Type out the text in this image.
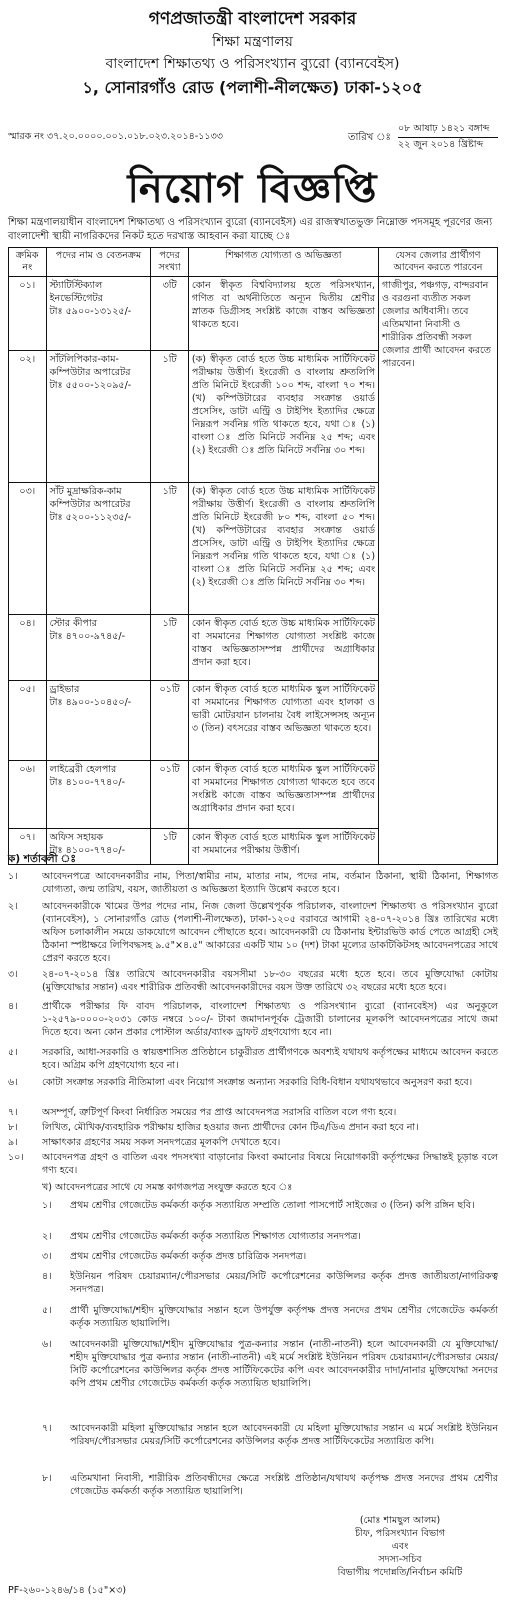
গণপ্রজাতন্ত্রী বাংলাদেশ সরকার
শিক্ষা মন্ত্রণালয়
বাংলাদেশ শিক্ষাতথ্য ও পরিসংখ্যান ব্যুরো (ব্যানবেইস)
১, সোনারগাঁও রোড (পলাশী-নীলক্ষেত) ঢাকা-১২০৫
স্মারক নং ৩৭.২০.০০০০.০০১.০১৮.০২৩.২০১৪-১১৩৩	তারিখ ঃ
০৮ আষাঢ় ১৪২১ বঙ্গাব্দ
২২ জুন ২০১৪ খ্রিষ্টাব্দ
নিয়োগ বিজ্ঞপ্তি
শিক্ষা মন্ত্রণালয়াধীন বাংলাদেশ শিক্ষাতথ্য ও পরিসংখ্যান ব্যুরো (ব্যানবেইস) এর রাজস্বখাতভুক্ত নিম্নোক্ত পদসমূহ পূরণের জন্য বাংলাদেশী স্থায়ী নাগরিকদের নিকট হতে দরখাস্ত আহবান করা যাচ্ছে ঃ
ক্রমিক নং	পদের নাম ও বেতনক্রম	পদের সংখ্যা	শিক্ষাগত যোগ্যতা ও অভিজ্ঞতা	যেসব জেলার প্রার্থীগণ আবেদন করতে পারবেন
০১।	স্ট্যাটিস্টিক্যাল ইনভেস্টিগেটর
টাঃ ৫৯০০-১৩১২৫/-	৩টি	কোন স্বীকৃত বিশ্ববিদ্যালয় হতে পরিসংখ্যান, গণিত বা অর্থনীতিতে অন্যূন দ্বিতীয় শ্রেণীর স্নাতক ডিগ্রীসহ সংশ্লিষ্ট কাজে বাস্তব অভিজ্ঞতা থাকতে হবে।	গাজীপুর, পঞ্চগড়, বান্দরবান ও বরগুনা ব্যতীত সকল জেলার অধিবাসী। তবে এতিমখানা নিবাসী ও শারীরিক প্রতিবন্ধী সকল জেলার প্রার্থী আবেদন করতে পারবেন।
০২।	সাঁটলিপিকার-কাম-কম্পিউটার অপারেটর
টাঃ ৫৫০০-১২০৯৫/-	১টি	(ক) স্বীকৃত বোর্ড হতে উচ্চ মাধ্যমিক সার্টিফিকেট পরীক্ষায় উত্তীর্ণ। ইংরেজী ও বাংলায় শ্রুতলিপি প্রতি মিনিটে ইংরেজী ১০০ শব্দ, বাংলা ৭০ শব্দ। (খ) কম্পিউটারের ব্যবহার সংক্রান্ত ওয়ার্ড প্রসেসিং, ডাটা এন্ট্রি ও টাইপিং ইত্যাদির ক্ষেত্রে নিম্নরূপ সর্বনিম্ন গতি থাকতে হবে, যথা ঃ (১) বাংলা ঃ প্রতি মিনিটে সর্বনিম্ন ২৫ শব্দ; এবং (২) ইংরেজী ঃ প্রতি মিনিটে সর্বনিম্ন ৩০ শব্দ।	
০৩।	সাঁট মুদ্রাক্ষরিক-কাম কম্পিউটার অপারেটর
টাঃ ৫২০০-১১২৩৫/-	১টি	(ক) স্বীকৃত বোর্ড হতে উচ্চ মাধ্যমিক সার্টিফিকেট পরীক্ষায় উত্তীর্ণ। ইংরেজী ও বাংলায় শ্রুতলিপি প্রতি মিনিটে ইংরেজী ৮০ শব্দ, বাংলা ৫০ শব্দ। (খ) কম্পিউটারের ব্যবহার সংক্রান্ত ওয়ার্ড প্রসেসিং, ডাটা এন্ট্রি ও টাইপিং ইত্যাদির ক্ষেত্রে নিম্নরূপ সর্বনিম্ন গতি থাকতে হবে, যথা ঃ (১) বাংলা ঃ প্রতি মিনিটে সর্বনিম্ন ২৫ শব্দ; এবং (২) ইংরেজী ঃ প্রতি মিনিটে সর্বনিম্ন ৩০ শব্দ।	
০৪।	স্টোর কীপার
টাঃ ৪৭০০-৯৭৪৫/-	১টি	কোন স্বীকৃত বোর্ড হতে উচ্চ মাধ্যমিক সার্টিফিকেট বা সমমানের শিক্ষাগত যোগ্যতা সংশ্লিষ্ট কাজে বাস্তব অভিজ্ঞতাসম্পন্ন প্রার্থীদের অগ্রাধিকার প্রদান করা হবে।	
০৫।	ড্রাইভার
টাঃ ৪৯০০-১০৪৫০/-	০১টি	কোন স্বীকৃত বোর্ড হতে মাধ্যমিক স্কুল সার্টিফিকেট বা সমমানের শিক্ষাগত যোগ্যতা এবং হালকা ও ভারী মোটরযান চালনায় বৈধ লাইসেন্সসহ অন্যূন ৩ (তিন) বৎসরের বাস্তব অভিজ্ঞতা থাকতে হবে।	
০৬।	লাইব্রেরী হেলপার
টাঃ ৪১০০-৭৭৪০/-	০১টি	কোন স্বীকৃত বোর্ড হতে মাধ্যমিক স্কুল সার্টিফিকেট বা সমমানের শিক্ষাগত যোগ্যতা থাকতে হবে তবে সংশ্লিষ্ট কাজে বাস্তব অভিজ্ঞতাসম্পন্ন প্রার্থীদের অগ্রাধিকার প্রদান করা হবে।	
০৭।	অফিস সহায়ক
টাঃ ৪১০০-৭৭৪০/-	১টি	কোন স্বীকৃত বোর্ড হতে মাধ্যমিক স্কুল সার্টিফিকেট বা সমমানের পরীক্ষায় উত্তীর্ণ।	
ক) শর্তাবলী ঃ
১।	আবেদনপত্রে আবেদনকারীর নাম, পিতা/স্বামীর নাম, মাতার নাম, পদের নাম, বর্তমান ঠিকানা, স্থায়ী ঠিকানা, শিক্ষাগত যোগ্যতা, জন্ম তারিখ, বয়স, জাতীয়তা ও অভিজ্ঞতা ইত্যাদি উল্লেখ করতে হবে।
২।	আবেদনকারীকে খামের উপর পদের নাম, নিজ জেলা উল্লেখপূর্বক পরিচালক, বাংলাদেশ শিক্ষাতথ্য ও পরিসংখ্যান ব্যুরো (ব্যানবেইস), ১ সোনারগাঁও রোড (পলাশী-নীলক্ষেত), ঢাকা-১২০৫ বরাবরে আগামী ২৪-০৭-২০১৪ খ্রিঃ তারিখের মধ্যে অফিস চলাকালীন সময়ে ডাকযোগে আবেদন পৌছাতে হবে। আবেদনকারী যে ঠিকানায় ইন্টারভিউ কার্ড পেতে আগ্রহী সেই ঠিকানা স্পষ্টাক্ষরে লিপিবদ্ধসহ ৯.৫"×৪.৫" আকারের একটি খাম ১০ (দশ) টাকা মূল্যের ডাকটিকিটসহ আবেদনপত্রের সাথে প্রেরণ করতে হবে।
৩।	২৪-০৭-২০১৪ খ্রিঃ তারিখে আবেদনকারীর বয়সসীমা ১৮-৩০ বছরের মধ্যে হতে হবে। তবে মুক্তিযোদ্ধা কোটায় (মুক্তিযোদ্ধার সন্তান) এবং শারীরিক প্রতিবন্ধী আবেদনকারীদের বয়স উক্ত তারিখে ৩২ বছরের মধ্যে হতে হবে।
৪।	প্রার্থীকে পরীক্ষার ফি বাবদ পরিচালক, বাংলাদেশ শিক্ষাতথ্য ও পরিসংখ্যান ব্যুরো (ব্যানবেইস) এর অনুকূলে ১-২৫৭৯-০০০০-২০৩১ কোড নম্বরে ১০০/- টাকা জমাদানপূর্বক ট্রেজারী চালানের মূলকপি আবেদনপত্রের সাথে জমা দিতে হবে। অন্য কোন প্রকার পোস্টাল অর্ডার/ব্যাংক ড্রাফট গ্রহণযোগ্য হবে না।
৫।	সরকারি, আধা-সরকারি ও স্বায়ত্তশাসিত প্রতিষ্ঠানে চাকুরীরত প্রার্থীগণকে অবশ্যই যথাযথ কর্তৃপক্ষের মাধ্যমে আবেদন করতে হবে। অগ্রিম কপি গ্রহণযোগ্য হবে না।
৬।	কোটা সংক্রান্ত সরকারি নীতিমালা এবং নিয়োগ সংক্রান্ত অন্যান্য সরকারি বিধি-বিধান যথাযথভাবে অনুসরণ করা হবে।
৭।	অসম্পূর্ণ, ত্রুটিপূর্ণ কিংবা নির্ধারিত সময়ের পর প্রাপ্ত আবেদনপত্র সরাসরি বাতিল বলে গণ্য হবে।
৮।	লিখিত, মৌখিক/ব্যবহারিক পরীক্ষায় হাজির হওয়ার জন্য প্রার্থীদের কোন টিএ/ডিএ প্রদান করা হবে না।
৯।	সাক্ষাৎকার গ্রহণের সময় সকল সনদপত্রের মূলকপি দেখাতে হবে।
১০।	আবেদনপত্র গ্রহণ ও বাতিল এবং পদসংখ্যা বাড়ানোর কিংবা কমানোর বিষয়ে নিয়োগকারী কর্তৃপক্ষের সিদ্ধান্তই চূড়ান্ত বলে গণ্য হবে।
খ) আবেদনপত্রের সাথে যে সমস্ত কাগজপত্র সংযুক্ত করতে হবে ঃ
১।	প্রথম শ্রেণীর গেজেটেড কর্মকর্তা কর্তৃক সত্যায়িত সম্প্রতি তোলা পাসপোর্ট সাইজের ৩ (তিন) কপি রঙ্গিন ছবি।
২।	প্রথম শ্রেণীর গেজেটেড কর্মকর্তা কর্তৃক সত্যায়িত শিক্ষাগত যোগ্যতার সনদপত্র।
৩।	প্রথম শ্রেণীর গেজেটেড কর্মকর্তা কর্তৃক প্রদত্ত চারিত্রিক সনদপত্র।
৪।	ইউনিয়ন পরিষদ চেয়ারম্যান/পৌরসভার মেয়র/সিটি কর্পোরেশনের কাউন্সিলর কর্তৃক প্রদত্ত জাতীয়তা/নাগরিকত্ব সনদপত্র।
৫।	প্রার্থী মুক্তিযোদ্ধা/শহীদ মুক্তিযোদ্ধার সন্তান হলে উপর্যুক্ত কর্তৃপক্ষ প্রদত্ত সনদের প্রথম শ্রেণীর গেজেটেড কর্মকর্তা কর্তৃক সত্যায়িত ছায়ালিপি।
৬।	আবেদনকারী মুক্তিযোদ্ধা/শহীদ মুক্তিযোদ্ধার পুত্র-কন্যার সন্তান (নাতী-নাতনী) হলে আবেদনকারী যে মুক্তিযোদ্ধা/শহীদ মুক্তিযোদ্ধার পুত্র কন্যার সন্তান (নাতী-নাতনী) এই মর্মে সংশ্লিষ্ট ইউনিয়ন পরিষদ চেয়ারম্যান/পৌরসভার মেয়র/সিটি কর্পোরেশনের কাউন্সিলর কর্তৃক প্রদত্ত সার্টিফিকেটের কপি এবং আবেদনকারীর দাদা/নানার মুক্তিযোদ্ধা সনদের কপি প্রথম শ্রেণীর গেজেটেড কর্মকর্তা কর্তৃক সত্যায়িত ছায়ালিপি।
৭।	আবেদনকারী মহিলা মুক্তিযোদ্ধার সন্তান হলে আবেদনকারী যে মহিলা মুক্তিযোদ্ধার সন্তান এ মর্মে সংশ্লিষ্ট ইউনিয়ন পরিষদ/পৌরসভার মেয়র/সিটি কর্পোরেশনের কাউন্সিলর কর্তৃক প্রদত্ত সার্টিফিকেটের সত্যায়িত কপি।
৮।	এতিমখানা নিবাসী, শারীরিক প্রতিবন্ধীদের ক্ষেত্রে সংশ্লিষ্ট প্রতিষ্ঠান/যথাযথ কর্তৃপক্ষ প্রদত্ত সনদের প্রথম শ্রেণীর গেজেটেড কর্মকর্তা কর্তৃক সত্যায়িত ছায়ালিপি।
(মোঃ শামছুল আলম)
চীফ, পরিসংখ্যান বিভাগ
এবং
সদস্য-সচিব
বিভাগীয় পদোন্নতি/নির্বাচন কমিটি
PF-২৬০-১২৪৬/১৪ (১৫"×৩)
